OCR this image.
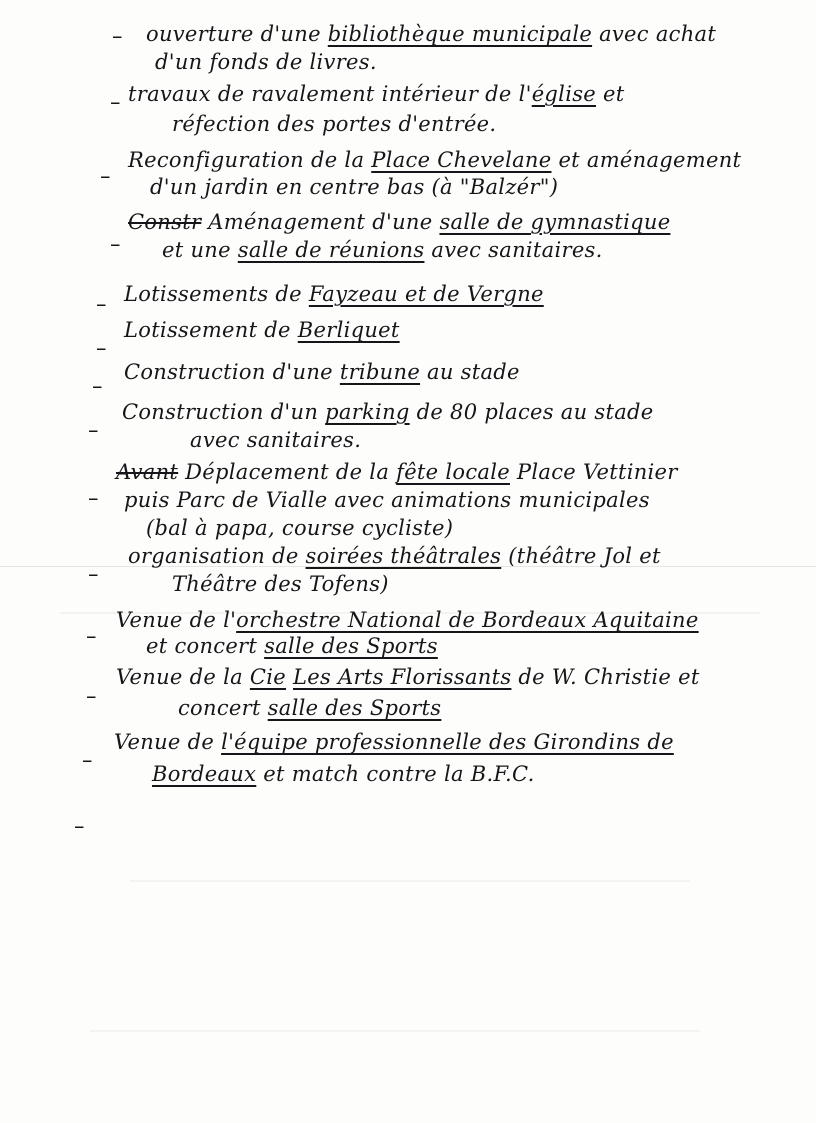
– ouverture d'une bibliothèque municipale avec achat
d'un fonds de livres.
– travaux de ravalement intérieur de l'église et
réfection des portes d'entrée.
–
Reconfiguration de la Place Chevelane et aménagement
d'un jardin en centre bas (à "Balzér")
–
Constr Aménagement d'une salle de gymnastique
et une salle de réunions avec sanitaires.
– Lotissements de Fayzeau et de Vergne
–
Lotissement de Berliquet
–
Construction d'une tribune au stade
–
Construction d'un parking de 80 places au stade
avec sanitaires.
–
Avant Déplacement de la fête locale Place Vettinier
puis Parc de Vialle avec animations municipales
(bal à papa, course cycliste)
–
organisation de soirées théâtrales (théâtre Jol et
Théâtre des Tofens)
–
Venue de l'orchestre National de Bordeaux Aquitaine
et concert salle des Sports
–
Venue de la Cie Les Arts Florissants de W. Christie et
concert salle des Sports
–
Venue de l'équipe professionnelle des Girondins de
Bordeaux et match contre la B.F.C.
–
